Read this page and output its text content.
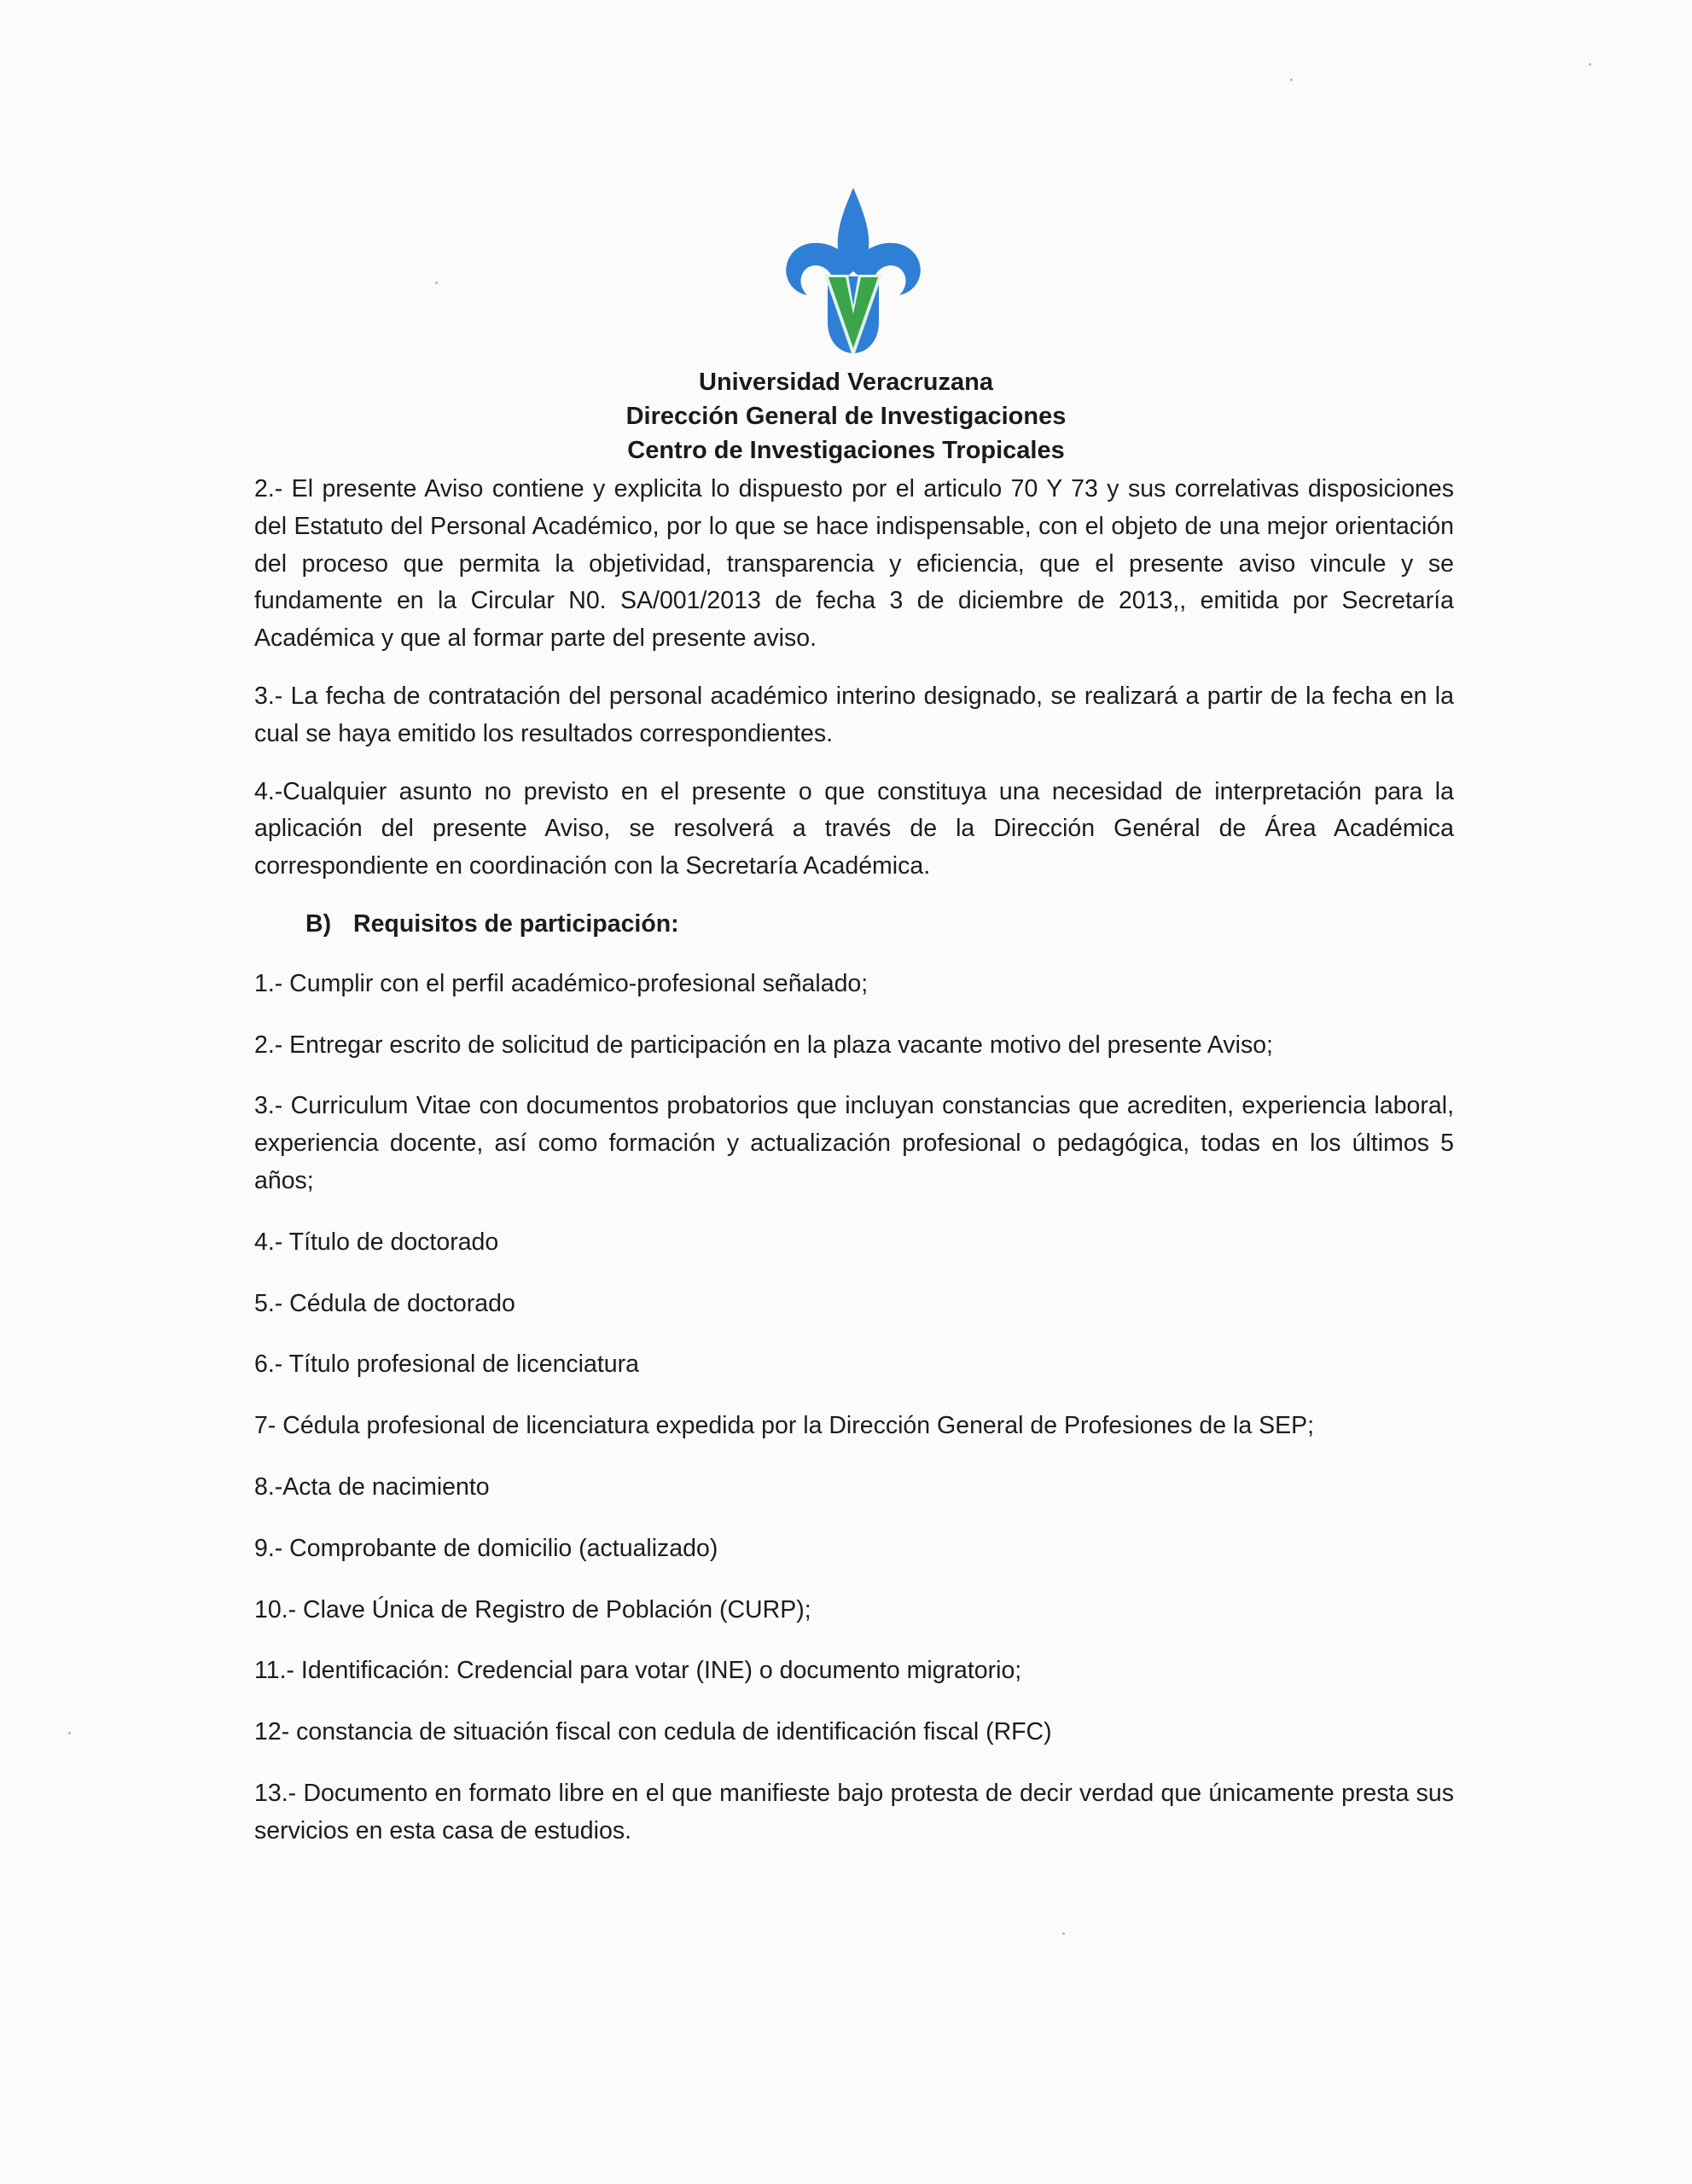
Universidad Veracruzana
Dirección General de Investigaciones
Centro de Investigaciones Tropicales

2.- El presente Aviso contiene y explicita lo dispuesto por el articulo 70 Y 73 y sus correlativas disposiciones del Estatuto del Personal Académico, por lo que se hace indispensable, con el objeto de una mejor orientación del proceso que permita la objetividad, transparencia y eficiencia, que el presente aviso vincule y se fundamente en la Circular N0. SA/001/2013 de fecha 3 de diciembre de 2013,, emitida por Secretaría Académica y que al formar parte del presente aviso.

3.- La fecha de contratación del personal académico interino designado, se realizará a partir de la fecha en la cual se haya emitido los resultados correspondientes.

4.-Cualquier asunto no previsto en el presente o que constituya una necesidad de interpretación para la aplicación del presente Aviso, se resolverá a través de la Dirección Genéral de Área Académica correspondiente en coordinación con la Secretaría Académica.

B) Requisitos de participación:

1.- Cumplir con el perfil académico-profesional señalado;

2.- Entregar escrito de solicitud de participación en la plaza vacante motivo del presente Aviso;

3.- Curriculum Vitae con documentos probatorios que incluyan constancias que acrediten, experiencia laboral, experiencia docente, así como formación y actualización profesional o pedagógica, todas en los últimos 5 años;

4.- Título de doctorado

5.- Cédula de doctorado

6.- Título profesional de licenciatura

7- Cédula profesional de licenciatura expedida por la Dirección General de Profesiones de la SEP;

8.-Acta de nacimiento

9.- Comprobante de domicilio (actualizado)

10.- Clave Única de Registro de Población (CURP);

11.- Identificación: Credencial para votar (INE) o documento migratorio;

12- constancia de situación fiscal con cedula de identificación fiscal (RFC)

13.- Documento en formato libre en el que manifieste bajo protesta de decir verdad que únicamente presta sus servicios en esta casa de estudios.
